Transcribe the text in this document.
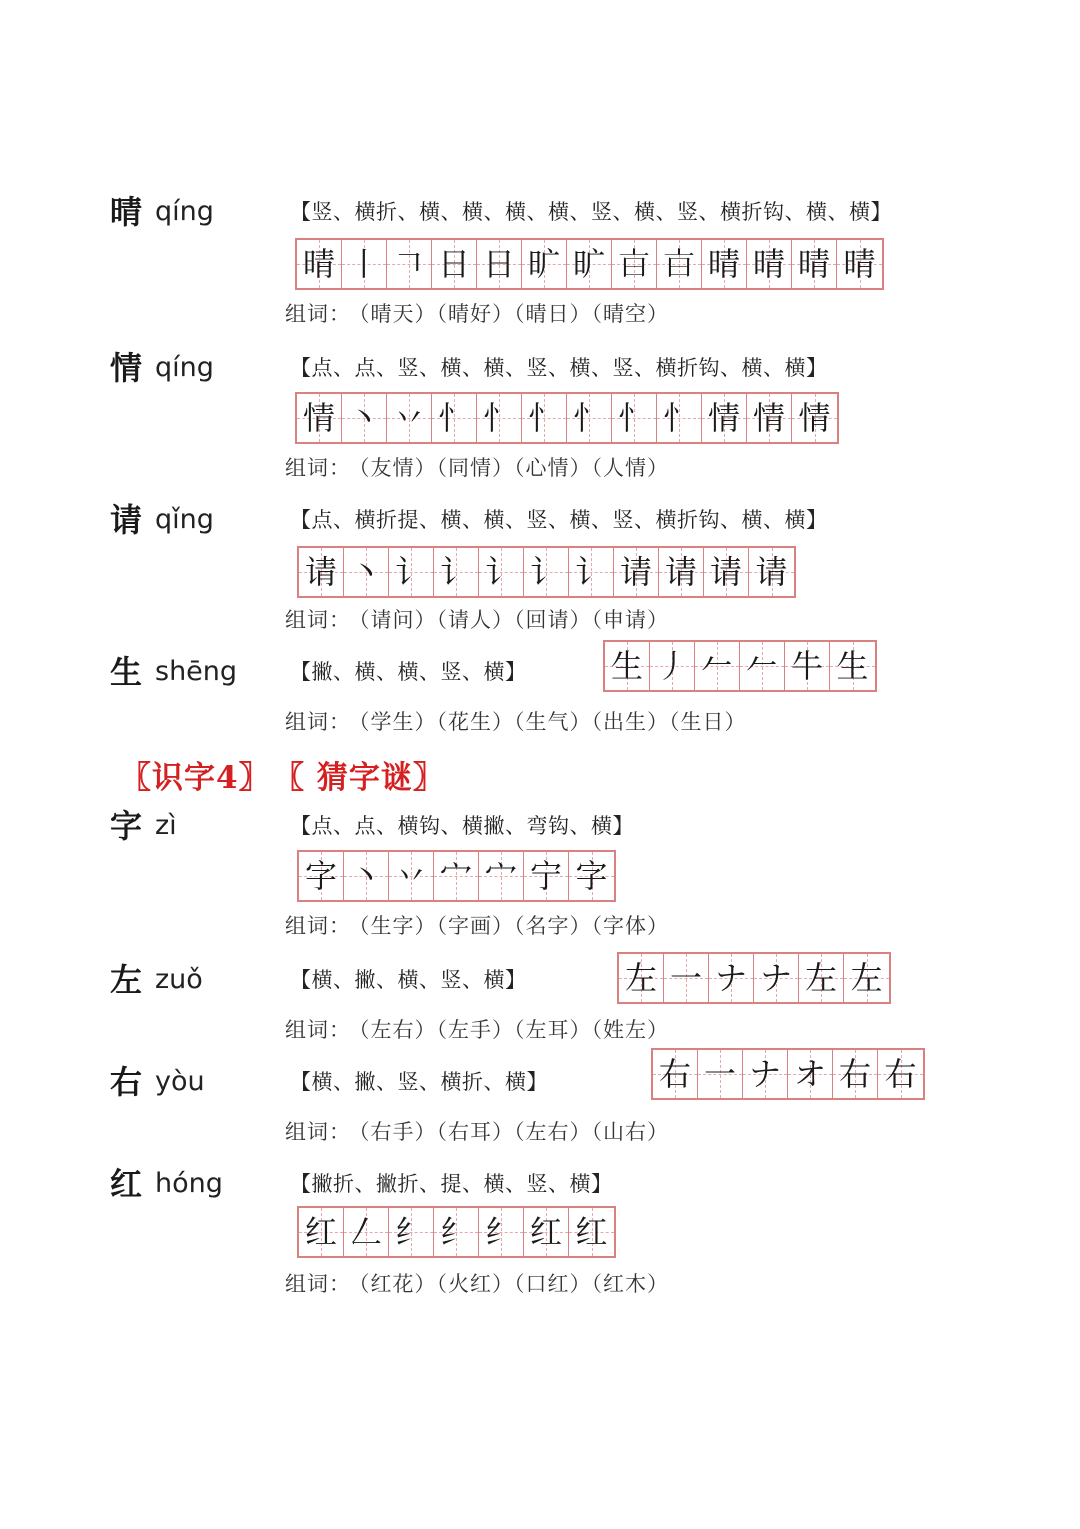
晴 qíng	【竖、横折、横、横、横、横、竖、横、竖、横折钩、横、横】
晴 丨 𠃍 日 日 旷 旷 𣅀 𣅀 晴 晴 晴 晴
组词： （晴天）（晴好）（晴日）（晴空）
情 qíng	【点、点、竖、横、横、竖、横、竖、横折钩、横、横】
情 丶 丷 忄 忄 忄 忄 忄 忄 情 情 情
组词： （友情）（同情）（心情）（人情）
请 qǐng	【点、横折提、横、横、竖、横、竖、横折钩、横、横】
请 丶 讠 讠 讠 讠 讠 请 请 请 请
组词： （请问）（请人）（回请）（申请）
生 shēng	【撇、横、横、竖、横】	生 丿 𠂉 𠂉 牛 生
组词： （学生）（花生）（生气）（出生）（生日）
字 zì	【点、点、横钩、横撇、弯钩、横】
字 丶 丷 宀 宀 宁 字
组词： （生字）（字画）（名字）（字体）
左 zuǒ	【横、撇、横、竖、横】	左 一 ナ ナ 左 左
组词： （左右）（左手）（左耳）（姓左）
右 yòu	【横、撇、竖、横折、横】	右 一 ナ オ 右 右
组词： （右手）（右耳）（左右）（山右）
红 hóng	【撇折、撇折、提、横、竖、横】
红 𠃋 纟 纟 纟 红 红
组词： （红花）（火红）（口红）（红木）
〖识字4〗 〖 猜字谜〗
